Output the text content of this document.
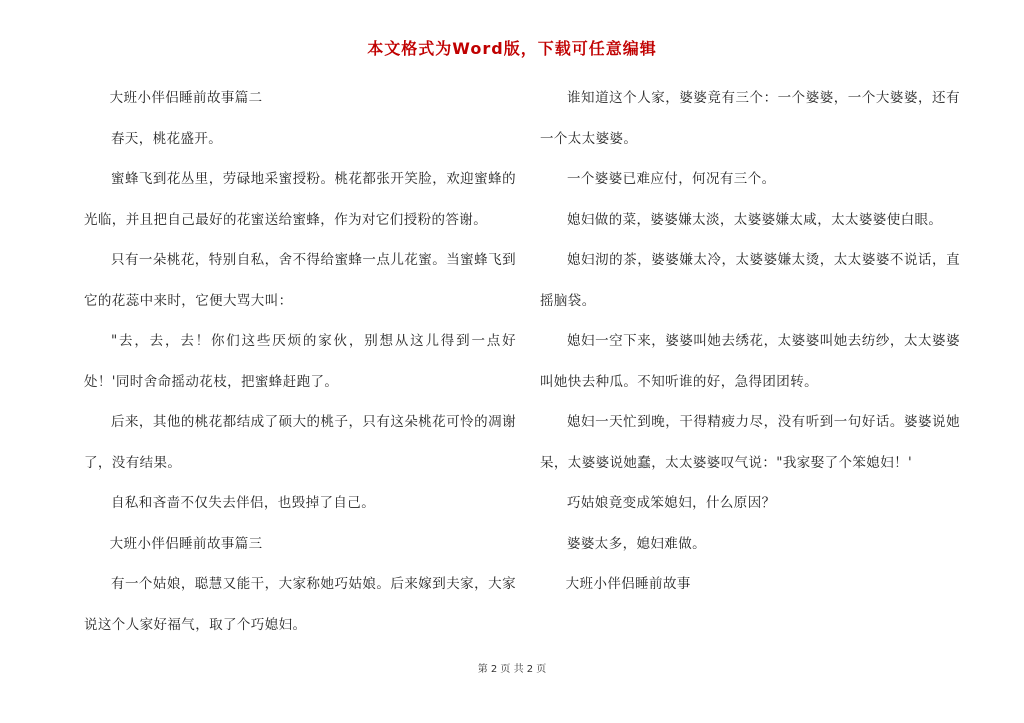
本文格式为Word版，下载可任意编辑

大班小伴侣睡前故事篇二

春天，桃花盛开。

蜜蜂飞到花丛里，劳碌地采蜜授粉。桃花都张开笑脸，欢迎蜜蜂的光临，并且把自己最好的花蜜送给蜜蜂，作为对它们授粉的答谢。

只有一朵桃花，特别自私，舍不得给蜜蜂一点儿花蜜。当蜜蜂飞到它的花蕊中来时，它便大骂大叫：

"去，去，去！你们这些厌烦的家伙，别想从这儿得到一点好处！'同时舍命摇动花枝，把蜜蜂赶跑了。

后来，其他的桃花都结成了硕大的桃子，只有这朵桃花可怜的凋谢了，没有结果。

自私和吝啬不仅失去伴侣，也毁掉了自己。

大班小伴侣睡前故事篇三

有一个姑娘，聪慧又能干，大家称她巧姑娘。后来嫁到夫家，大家说这个人家好福气，取了个巧媳妇。

谁知道这个人家，婆婆竟有三个：一个婆婆，一个大婆婆，还有一个太太婆婆。

一个婆婆已难应付，何况有三个。

媳妇做的菜，婆婆嫌太淡，太婆婆嫌太咸，太太婆婆使白眼。

媳妇沏的茶，婆婆嫌太冷，太婆婆嫌太烫，太太婆婆不说话，直摇脑袋。

媳妇一空下来，婆婆叫她去绣花，太婆婆叫她去纺纱，太太婆婆叫她快去种瓜。不知听谁的好，急得团团转。

媳妇一天忙到晚，干得精疲力尽，没有听到一句好话。婆婆说她呆，太婆婆说她蠢，太太婆婆叹气说："我家娶了个笨媳妇！'

巧姑娘竟变成笨媳妇，什么原因？

婆婆太多，媳妇难做。

大班小伴侣睡前故事

第 2 页 共 2 页
